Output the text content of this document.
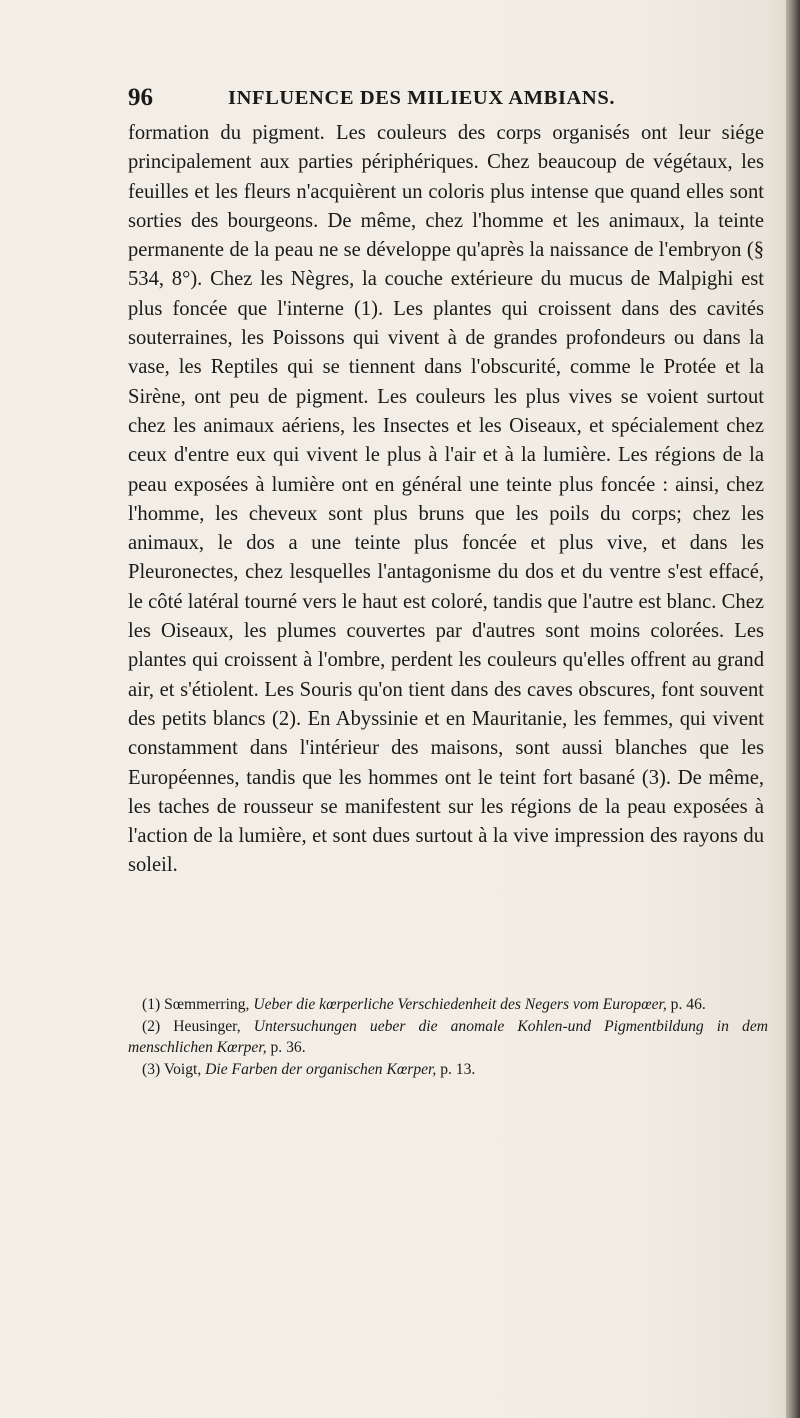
96	INFLUENCE DES MILIEUX AMBIANS.

formation du pigment. Les couleurs des corps organisés ont leur siége principalement aux parties périphériques. Chez beaucoup de végétaux, les feuilles et les fleurs n'acquièrent un coloris plus intense que quand elles sont sorties des bourgeons. De même, chez l'homme et les animaux, la teinte permanente de la peau ne se développe qu'après la naissance de l'embryon (§ 534, 8°). Chez les Nègres, la couche extérieure du mucus de Malpighi est plus foncée que l'interne (1). Les plantes qui croissent dans des cavités souterraines, les Poissons qui vivent à de grandes profondeurs ou dans la vase, les Reptiles qui se tiennent dans l'obscurité, comme le Protée et la Sirène, ont peu de pigment. Les couleurs les plus vives se voient surtout chez les animaux aériens, les Insectes et les Oiseaux, et spécialement chez ceux d'entre eux qui vivent le plus à l'air et à la lumière. Les régions de la peau exposées à lumière ont en général une teinte plus foncée : ainsi, chez l'homme, les cheveux sont plus bruns que les poils du corps; chez les animaux, le dos a une teinte plus foncée et plus vive, et dans les Pleuronectes, chez lesquelles l'antagonisme du dos et du ventre s'est effacé, le côté latéral tourné vers le haut est coloré, tandis que l'autre est blanc. Chez les Oiseaux, les plumes couvertes par d'autres sont moins colorées. Les plantes qui croissent à l'ombre, perdent les couleurs qu'elles offrent au grand air, et s'étiolent. Les Souris qu'on tient dans des caves obscures, font souvent des petits blancs (2). En Abyssinie et en Mauritanie, les femmes, qui vivent constamment dans l'intérieur des maisons, sont aussi blanches que les Européennes, tandis que les hommes ont le teint fort basané (3). De même, les taches de rousseur se manifestent sur les régions de la peau exposées à l'action de la lumière, et sont dues surtout à la vive impression des rayons du soleil.

(1) Sœmmerring, Ueber die kœrperliche Verschiedenheit des Negers vom Europœer, p. 46.

(2) Heusinger, Untersuchungen ueber die anomale Kohlen-und Pigmentbildung in dem menschlichen Kœrper, p. 36.

(3) Voigt, Die Farben der organischen Kœrper, p. 13.
